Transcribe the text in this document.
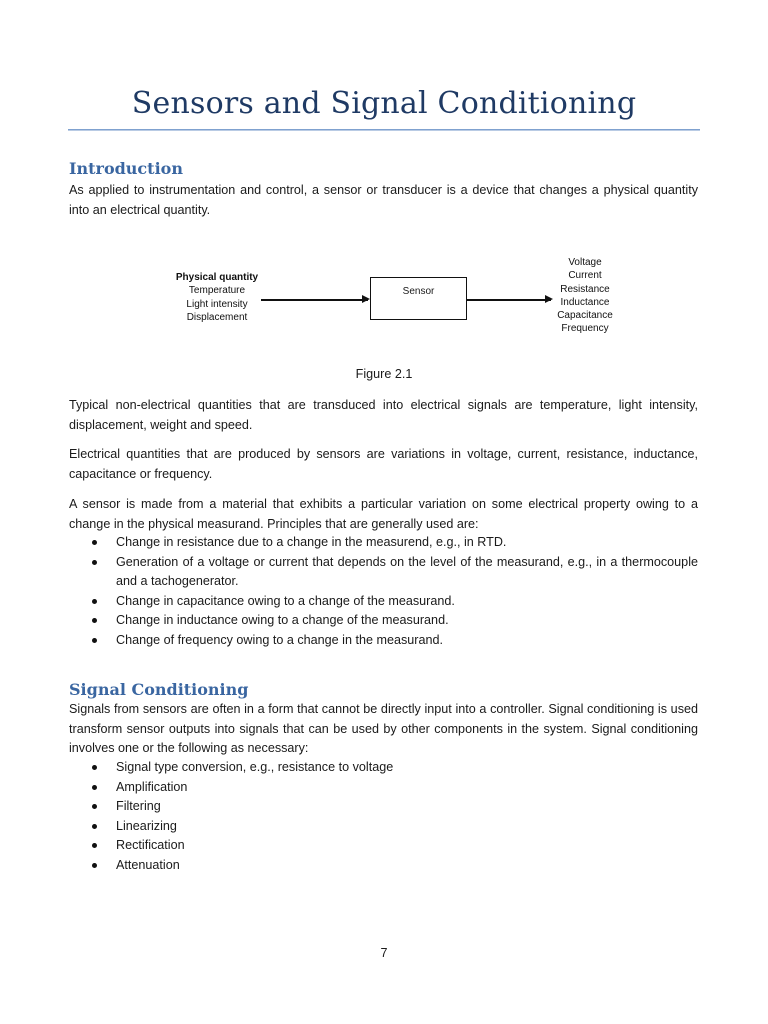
Sensors and Signal Conditioning
Introduction
As applied to instrumentation and control, a sensor or transducer is a device that changes a physical quantity into an electrical quantity.
Physical quantity
Temperature
Light intensity
Displacement
Sensor
Voltage
Current
Resistance
Inductance
Capacitance
Frequency
Figure 2.1
Typical non-electrical quantities that are transduced into electrical signals are temperature, light intensity, displacement, weight and speed.
Electrical quantities that are produced by sensors are variations in voltage, current, resistance, inductance, capacitance or frequency.
A sensor is made from a material that exhibits a particular variation on some electrical property owing to a change in the physical measurand. Principles that are generally used are:
Change in resistance due to a change in the measurend, e.g., in RTD.
Generation of a voltage or current that depends on the level of the measurand, e.g., in a thermocouple and a tachogenerator.
Change in capacitance owing to a change of the measurand.
Change in inductance owing to a change of the measurand.
Change of frequency owing to a change in the measurand.
Signal Conditioning
Signals from sensors are often in a form that cannot be directly input into a controller. Signal conditioning is used transform sensor outputs into signals that can be used by other components in the system. Signal conditioning involves one or the following as necessary:
Signal type conversion, e.g., resistance to voltage
Amplification
Filtering
Linearizing
Rectification
Attenuation
7
